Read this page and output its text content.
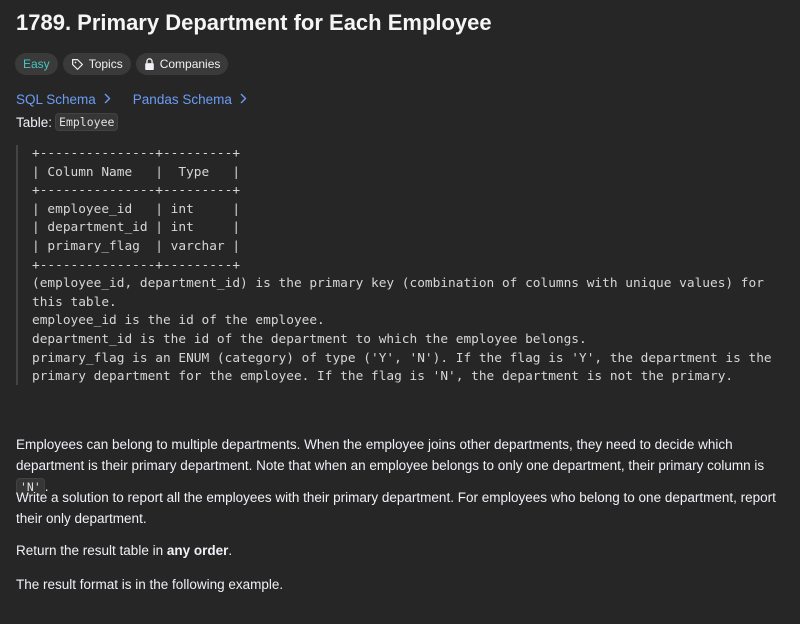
1789. Primary Department for Each Employee
Easy	Topics	Companies
SQL Schema	Pandas Schema
Table: Employee
+---------------+---------+
| Column Name   |  Type   |
+---------------+---------+
| employee_id   | int     |
| department_id | int     |
| primary_flag  | varchar |
+---------------+---------+
(employee_id, department_id) is the primary key (combination of columns with unique values) for
this table.
employee_id is the id of the employee.
department_id is the id of the department to which the employee belongs.
primary_flag is an ENUM (category) of type ('Y', 'N'). If the flag is 'Y', the department is the
primary department for the employee. If the flag is 'N', the department is not the primary.

Employees can belong to multiple departments. When the employee joins other departments, they need to decide which department is their primary department. Note that when an employee belongs to only one department, their primary column is 'N' .

Write a solution to report all the employees with their primary department. For employees who belong to one department, report their only department.

Return the result table in any order.

The result format is in the following example.
